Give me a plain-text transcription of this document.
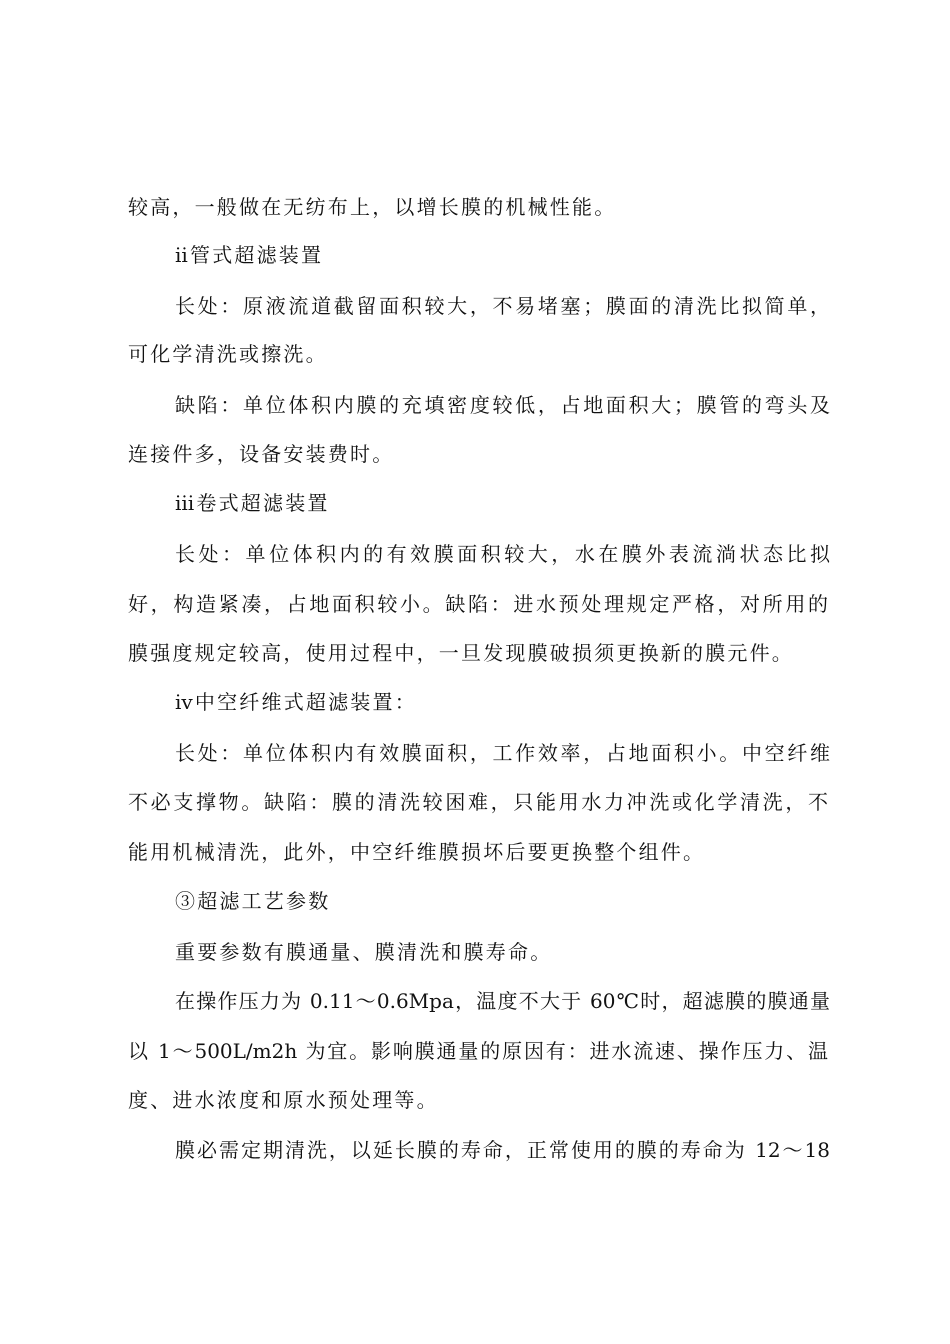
较高，一般做在无纺布上，以增长膜的机械性能。
ⅱ管式超滤装置
长处：原液流道截留面积较大，不易堵塞；膜面的清洗比拟简单，
可化学清洗或擦洗。
缺陷：单位体积内膜的充填密度较低，占地面积大；膜管的弯头及
连接件多，设备安装费时。
ⅲ卷式超滤装置
长处：单位体积内的有效膜面积较大，水在膜外表流淌状态比拟
好，构造紧凑，占地面积较小。缺陷：进水预处理规定严格，对所用的
膜强度规定较高，使用过程中，一旦发现膜破损须更换新的膜元件。
ⅳ中空纤维式超滤装置：
长处：单位体积内有效膜面积，工作效率，占地面积小。中空纤维
不必支撑物。缺陷：膜的清洗较困难，只能用水力冲洗或化学清洗，不
能用机械清洗，此外，中空纤维膜损坏后要更换整个组件。
③超滤工艺参数
重要参数有膜通量、膜清洗和膜寿命。
在操作压力为 0.11～0.6Mpa，温度不大于 60℃时，超滤膜的膜通量
以 1～500L/m2h 为宜。影响膜通量的原因有：进水流速、操作压力、温
度、进水浓度和原水预处理等。
膜必需定期清洗，以延长膜的寿命，正常使用的膜的寿命为 12～18
